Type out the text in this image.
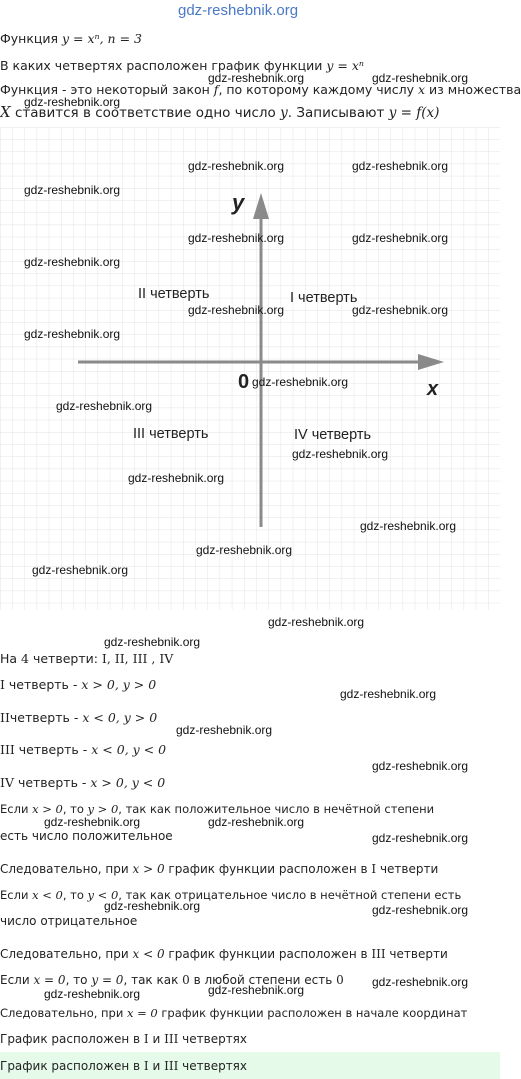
gdz-reshebnik.org
Функция y = xⁿ, n = 3
В каких четвертях расположен график функции y = xⁿ
Функция - это некоторый закон f, по которому каждому числу x из множества
X ставится в соответствие одно число y. Записывают y = f(x)
y
x
0
I четверть
II четверть
III четверть	IV четверть
На 4 четверти: I, II, III , IV
I четверть - x > 0, y > 0
IIчетверть - x < 0, y > 0
III четверть - x < 0, y < 0
IV четверть - x > 0, y < 0
Если x > 0, то y > 0, так как положительное число в нечётной степени
есть число положительное
Следовательно, при x > 0 график функции расположен в I четверти
Если x < 0, то y < 0, так как отрицательное число в нечётной степени есть
число отрицательное
Следовательно, при x < 0 график функции расположен в III четверти
Если x = 0, то y = 0, так как 0 в любой степени есть 0
Следовательно, при x = 0 график функции расположен в начале координат
График расположен в I и III четвертях
График расположен в I и III четвертях
gdz-reshebnik.org	gdz-reshebnik.org
gdz-reshebnik.org
gdz-reshebnik.org	gdz-reshebnik.org
gdz-reshebnik.org
gdz-reshebnik.org	gdz-reshebnik.org
gdz-reshebnik.org
gdz-reshebnik.org	gdz-reshebnik.org
gdz-reshebnik.org
gdz-reshebnik.org
gdz-reshebnik.org
gdz-reshebnik.org
gdz-reshebnik.org
gdz-reshebnik.org
gdz-reshebnik.org
gdz-reshebnik.org
gdz-reshebnik.org
gdz-reshebnik.org
gdz-reshebnik.org
gdz-reshebnik.org
gdz-reshebnik.org
gdz-reshebnik.org	gdz-reshebnik.org
gdz-reshebnik.org
gdz-reshebnik.org	gdz-reshebnik.org
gdz-reshebnik.org
gdz-reshebnik.org	gdz-reshebnik.org
